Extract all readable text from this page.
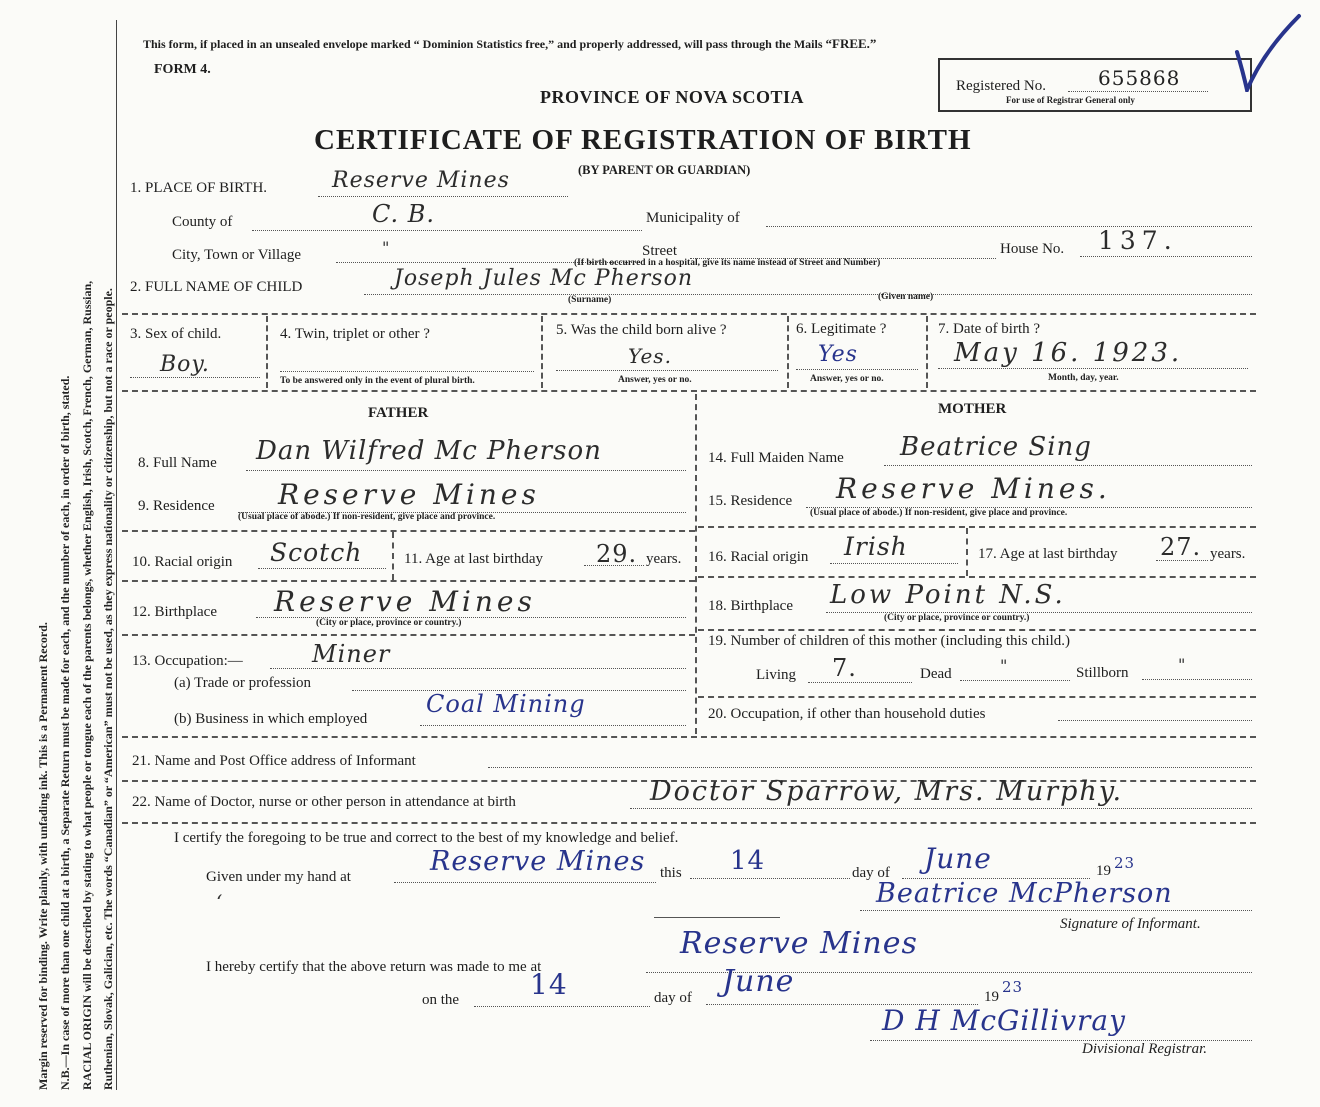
Margin reserved for binding. Write plainly, with unfading ink. This is a Permanent Record. N.B.—In case of more than one child at a birth, a Separate Return must be made for each, and the number of each, in order of birth, stated. RACIAL ORIGIN will be described by stating to what people or tongue each of the parents belongs, whether English, Irish, Scotch, French, German, Russian, Ruthenian, Slovak, Galician, etc. The words “Canadian” or “American” must not be used, as they express nationality or citizenship, but not a race or people.
This form, if placed in an unsealed envelope marked “ Dominion Statistics free,” and properly addressed, will pass through the Mails “FREE.”
FORM 4.
PROVINCE OF NOVA SCOTIA
CERTIFICATE OF REGISTRATION OF BIRTH
(BY PARENT OR GUARDIAN)
Registered No.	655868
For use of Registrar General only
1. PLACE OF BIRTH.	Reserve Mines
County of	C. B.	Municipality of
City, Town or Village	"	Street	House No. 137.
(If birth occurred in a hospital, give its name instead of Street and Number)
2. FULL NAME OF CHILD	Joseph Jules Mc Pherson
(Surname)	(Given name)
3. Sex of child.
Boy.
4. Twin, triplet or other ?
To be answered only in the event of plural birth.
5. Was the child born alive ?
Yes.
Answer, yes or no.
6. Legitimate ?
Yes
Answer, yes or no.
7. Date of birth ?
May 16. 1923.
Month, day, year.
FATHER
8. Full Name Dan Wilfred Mc Pherson
9. Residence Reserve Mines
(Usual place of abode.) If non-resident, give place and province.
10. Racial origin Scotch	11. Age at last birthday 29. years.
12. Birthplace Reserve Mines
(City or place, province or country.)
13. Occupation:—	Miner
(a) Trade or profession
(b) Business in which employed
Coal Mining
MOTHER
14. Full Maiden Name Beatrice Sing
15. Residence Reserve Mines.
(Usual place of abode.) If non-resident, give place and province.
16. Racial origin Irish	17. Age at last birthday 27. years.
18. Birthplace Low Point N.S.
(City or place, province or country.)
19. Number of children of this mother (including this child.)
Living 7.	Dead	"	Stillborn	"
20. Occupation, if other than household duties
21. Name and Post Office address of Informant
22. Name of Doctor, nurse or other person in attendance at birth	Doctor Sparrow, Mrs. Murphy.
I certify the foregoing to be true and correct to the best of my knowledge and belief.
Given under my hand at	Reserve Mines this 14	day of June	19 23
‘	Beatrice McPherson
Signature of Informant.
I hereby certify that the above return was made to me at
Reserve Mines
on the	14	day of June	19
23
D H McGillivray
Divisional Registrar.
